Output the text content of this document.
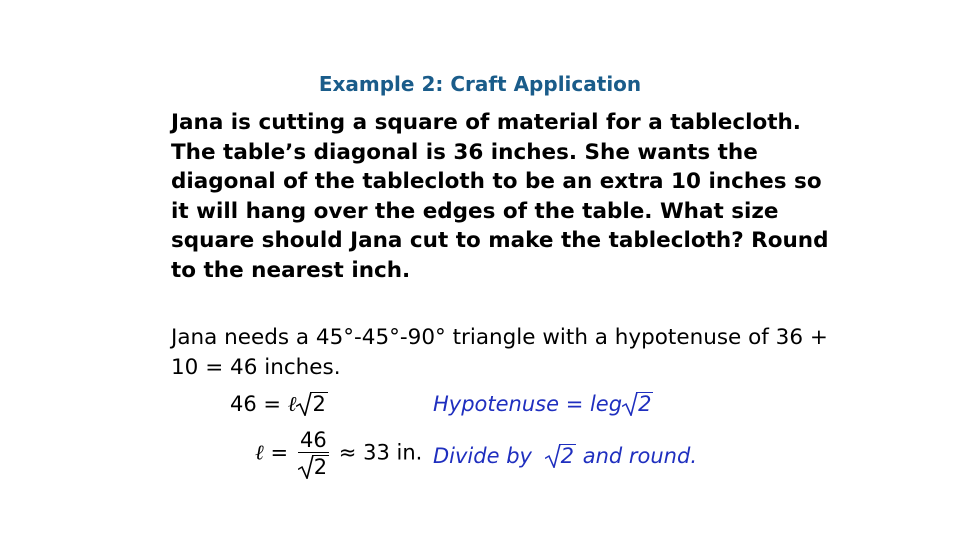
Example 2: Craft Application
Jana is cutting a square of material for a tablecloth. The table’s diagonal is 36 inches. She wants the diagonal of the tablecloth to be an extra 10 inches so it will hang over the edges of the table. What size square should Jana cut to make the tablecloth? Round to the nearest inch.
Jana needs a 45°-45°-90° triangle with a hypotenuse of 36 + 10 = 46 inches.
46 = ℓ 2	Hypotenuse = leg 2
ℓ = $\frac{46}{2} \approx 33$ in. Divide by 2 and round.
